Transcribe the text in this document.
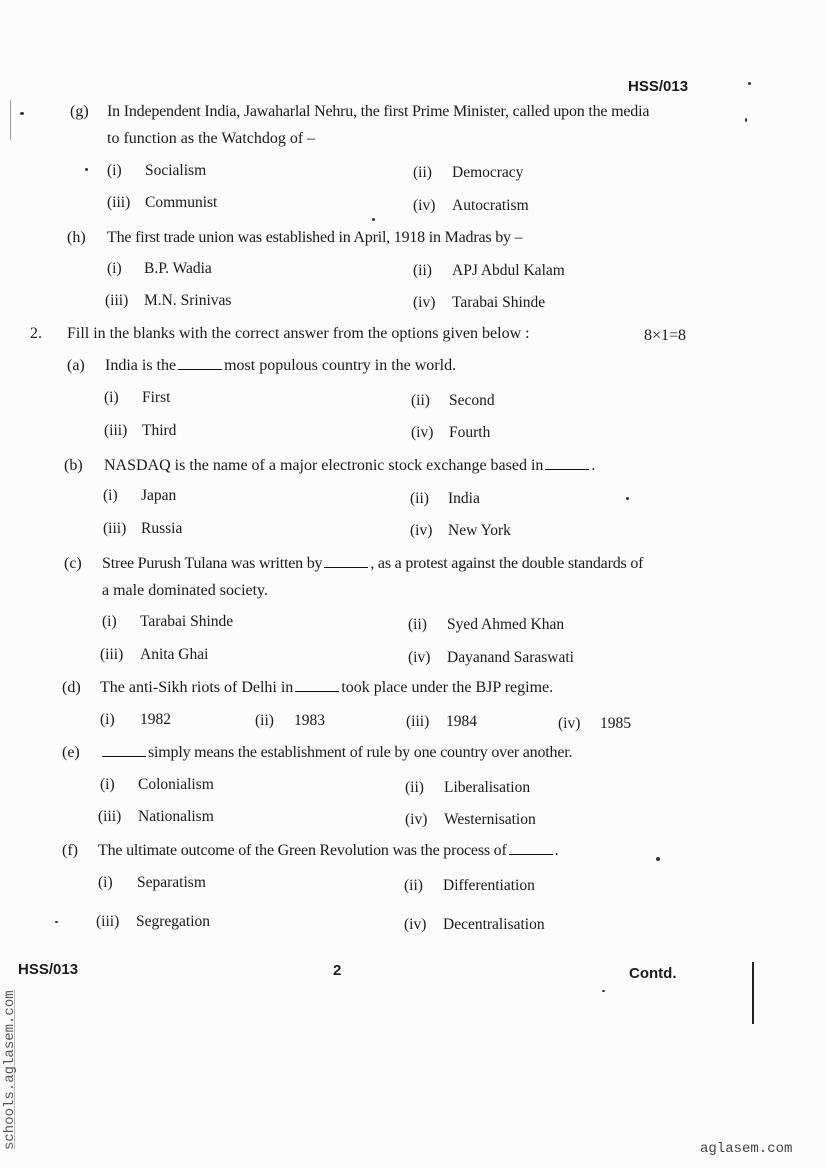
HSS/013
(g) In Independent India, Jawaharlal Nehru, the first Prime Minister, called upon the media
to function as the Watchdog of –
(i) Socialism	(ii) Democracy
(iii) Communist	(iv) Autocratism
(h) The first trade union was established in April, 1918 in Madras by –
(i) B.P. Wadia	(ii) APJ Abdul Kalam
(iii) M.N. Srinivas	(iv) Tarabai Shinde
2. Fill in the blanks with the correct answer from the options given below :	8×1=8
(a) India is the	most populous country in the world.
(i) First	(ii) Second
(iii) Third	(iv) Fourth
(b) NASDAQ is the name of a major electronic stock exchange based in	.
(i) Japan	(ii) India
(iii) Russia	(iv) New York
(c) Stree Purush Tulana was written by	, as a protest against the double standards of
a male dominated society.
(i) Tarabai Shinde	(ii) Syed Ahmed Khan
(iii) Anita Ghai	(iv) Dayanand Saraswati
(d) The anti-Sikh riots of Delhi in	took place under the BJP regime.
(i) 1982	(ii) 1983	(iii) 1984	(iv) 1985
(e)	simply means the establishment of rule by one country over another.
(i) Colonialism	(ii) Liberalisation
(iii) Nationalism	(iv) Westernisation
(f) The ultimate outcome of the Green Revolution was the process of	.
(i) Separatism	(ii) Differentiation
(iii) Segregation	(iv) Decentralisation
HSS/013	2	Contd.
schools.aglasem.com	aglasem.com
